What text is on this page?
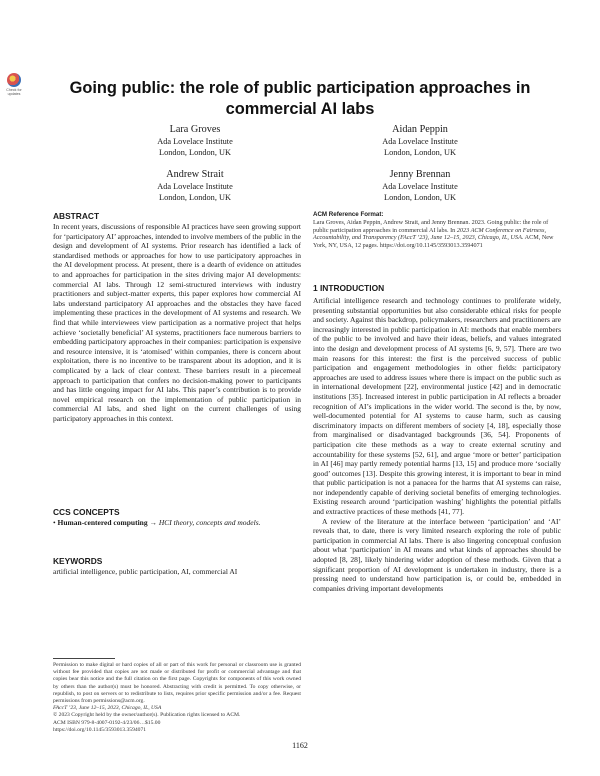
Check for updates	Going public: the role of public participation approaches in commercial AI labs
Lara Groves
Ada Lovelace Institute
London, London, UK
Aidan Peppin
Ada Lovelace Institute
London, London, UK
Andrew Strait
Ada Lovelace Institute
London, London, UK
Jenny Brennan
Ada Lovelace Institute
London, London, UK

ABSTRACT

In recent years, discussions of responsible AI practices have seen growing support for ‘participatory AI’ approaches, intended to involve members of the public in the design and development of AI systems. Prior research has identified a lack of standardised methods or approaches for how to use participatory approaches in the AI development process. At present, there is a dearth of evidence on attitudes to and approaches for participation in the sites driving major AI developments: commercial AI labs. Through 12 semi-structured interviews with industry practitioners and subject-matter experts, this paper explores how commercial AI labs understand participatory AI approaches and the obstacles they have faced implementing these practices in the development of AI systems and research. We find that while interviewees view participation as a normative project that helps achieve ‘societally beneficial’ AI systems, practitioners face numerous barriers to embedding participatory approaches in their companies: participation is expensive and resource intensive, it is ‘atomised’ within companies, there is concern about exploitation, there is no incentive to be transparent about its adoption, and it is complicated by a lack of clear context. These barriers result in a piecemeal approach to participation that confers no decision-making power to participants and has little ongoing impact for AI labs. This paper’s contribution is to provide novel empirical research on the implementation of public participation in commercial AI labs, and shed light on the current challenges of using participatory approaches in this context.

CCS CONCEPTS

• Human-centered computing → HCI theory, concepts and models.

KEYWORDS

artificial intelligence, public participation, AI, commercial AI

Permission to make digital or hard copies of all or part of this work for personal or classroom use is granted without fee provided that copies are not made or distributed for profit or commercial advantage and that copies bear this notice and the full citation on the first page. Copyrights for components of this work owned by others than the author(s) must be honored. Abstracting with credit is permitted. To copy otherwise, or republish, to post on servers or to redistribute to lists, requires prior specific permission and/or a fee. Request permissions from permissions@acm.org.

FAccT ’23, June 12–15, 2023, Chicago, IL, USA

© 2023 Copyright held by the owner/author(s). Publication rights licensed to ACM.

ACM ISBN 979-8-4007-0192-4/23/06…$15.00

https://doi.org/10.1145/3593013.3594071

ACM Reference Format:

Lara Groves, Aidan Peppin, Andrew Strait, and Jenny Brennan. 2023. Going public: the role of public participation approaches in commercial AI labs. In 2023 ACM Conference on Fairness, Accountability, and Transparency (FAccT ’23), June 12–15, 2023, Chicago, IL, USA. ACM, New York, NY, USA, 12 pages. https://doi.org/10.1145/3593013.3594071

1 INTRODUCTION

Artificial intelligence research and technology continues to proliferate widely, presenting substantial opportunities but also considerable ethical risks for people and society. Against this backdrop, policymakers, researchers and practitioners are increasingly interested in public participation in AI: methods that enable members of the public to be involved and have their ideas, beliefs, and values integrated into the design and development process of AI systems [6, 9, 57]. There are two main reasons for this interest: the first is the perceived success of public participation and engagement methodologies in other fields: participatory approaches are used to address issues where there is impact on the public such as in international development [22], environmental justice [42] and in democratic institutions [35]. Increased interest in public participation in AI reflects a broader recognition of AI’s implications in the wider world. The second is the, by now, well-documented potential for AI systems to cause harm, such as causing discriminatory impacts on different members of society [4, 18], especially those from marginalised or disadvantaged backgrounds [36, 54]. Proponents of participation cite these methods as a way to create external scrutiny and accountability for these systems [52, 61], and argue ‘more or better’ participation in AI [46] may partly remedy potential harms [13, 15] and produce more ‘socially good’ outcomes [13]. Despite this growing interest, it is important to bear in mind that public participation is not a panacea for the harms that AI systems can raise, nor independently capable of deriving societal benefits of emerging technologies. Existing research around ‘participation washing’ highlights the potential pitfalls and extractive practices of these methods [41, 77].

A review of the literature at the interface between ‘participation’ and ‘AI’ reveals that, to date, there is very limited research exploring the role of public participation in commercial AI labs. There is also lingering conceptual confusion about what ‘participation’ in AI means and what kinds of approaches should be adopted [8, 28], likely hindering wider adoption of these methods. Given that a significant proportion of AI development is undertaken in industry, there is a pressing need to understand how participation is, or could be, embedded in companies driving important developments

1162
